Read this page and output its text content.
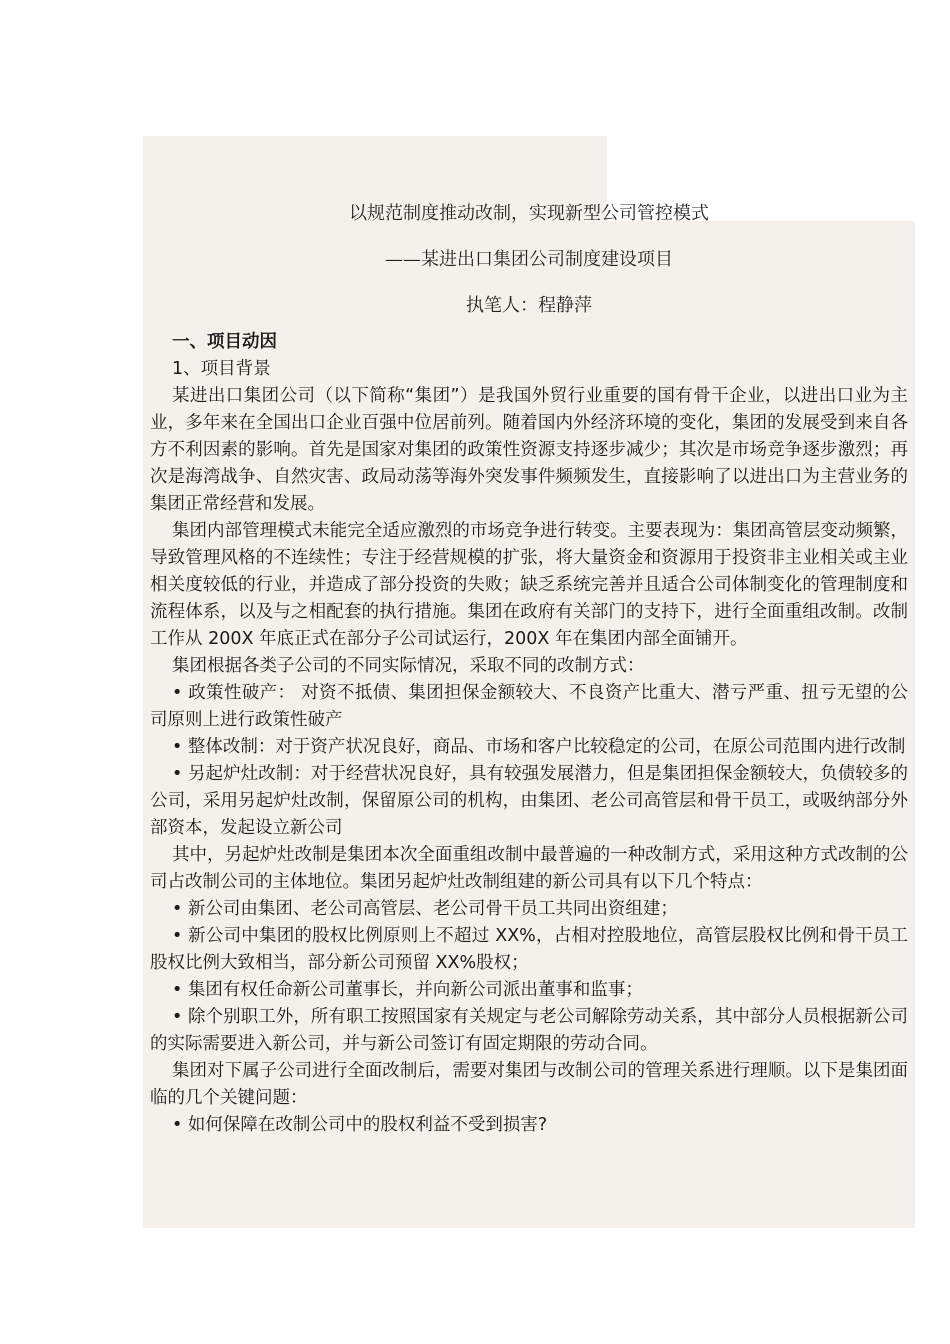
以规范制度推动改制，实现新型公司管控模式

——某进出口集团公司制度建设项目

执笔人：程静萍

一、项目动因

1、项目背景

某进出口集团公司（以下简称“集团”）是我国外贸行业重要的国有骨干企业，以进出口业为主业，多年来在全国出口企业百强中位居前列。随着国内外经济环境的变化，集团的发展受到来自各方不利因素的影响。首先是国家对集团的政策性资源支持逐步减少；其次是市场竞争逐步激烈；再次是海湾战争、自然灾害、政局动荡等海外突发事件频频发生，直接影响了以进出口为主营业务的集团正常经营和发展。

集团内部管理模式未能完全适应激烈的市场竞争进行转变。主要表现为：集团高管层变动频繁，导致管理风格的不连续性；专注于经营规模的扩张，将大量资金和资源用于投资非主业相关或主业相关度较低的行业，并造成了部分投资的失败；缺乏系统完善并且适合公司体制变化的管理制度和流程体系，以及与之相配套的执行措施。集团在政府有关部门的支持下，进行全面重组改制。改制工作从 200X 年底正式在部分子公司试运行，200X 年在集团内部全面铺开。

集团根据各类子公司的不同实际情况，采取不同的改制方式：

• 政策性破产： 对资不抵债、集团担保金额较大、不良资产比重大、潜亏严重、扭亏无望的公司原则上进行政策性破产

• 整体改制：对于资产状况良好，商品、市场和客户比较稳定的公司，在原公司范围内进行改制

• 另起炉灶改制：对于经营状况良好，具有较强发展潜力，但是集团担保金额较大，负债较多的公司，采用另起炉灶改制，保留原公司的机构，由集团、老公司高管层和骨干员工，或吸纳部分外部资本，发起设立新公司

其中，另起炉灶改制是集团本次全面重组改制中最普遍的一种改制方式，采用这种方式改制的公司占改制公司的主体地位。集团另起炉灶改制组建的新公司具有以下几个特点：

• 新公司由集团、老公司高管层、老公司骨干员工共同出资组建；

• 新公司中集团的股权比例原则上不超过 XX%，占相对控股地位，高管层股权比例和骨干员工股权比例大致相当，部分新公司预留 XX%股权；

• 集团有权任命新公司董事长，并向新公司派出董事和监事；

• 除个别职工外，所有职工按照国家有关规定与老公司解除劳动关系，其中部分人员根据新公司的实际需要进入新公司，并与新公司签订有固定期限的劳动合同。

集团对下属子公司进行全面改制后，需要对集团与改制公司的管理关系进行理顺。以下是集团面临的几个关键问题：

• 如何保障在改制公司中的股权利益不受到损害?
